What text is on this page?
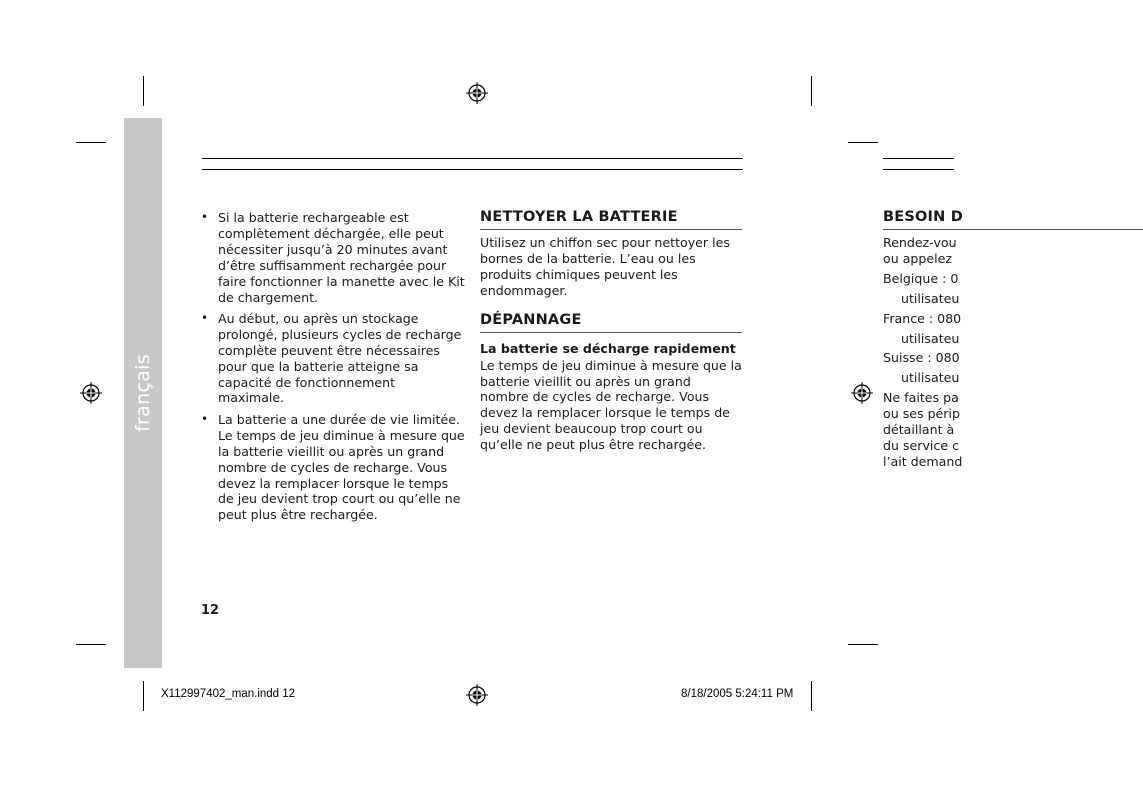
français
• Si la batterie rechargeable est complètement déchargée, elle peut nécessiter jusqu’à 20 minutes avant d’être suffisamment rechargée pour faire fonctionner la manette avec le Kit de chargement.
• Au début, ou après un stockage prolongé, plusieurs cycles de recharge complète peuvent être nécessaires pour que la batterie atteigne sa capacité de fonctionnement maximale.
• La batterie a une durée de vie limitée. Le temps de jeu diminue à mesure que la batterie vieillit ou après un grand nombre de cycles de recharge. Vous devez la remplacer lorsque le temps de jeu devient trop court ou qu’elle ne peut plus être rechargée.
NETTOYER LA BATTERIE

Utilisez un chiffon sec pour nettoyer les bornes de la batterie. L’eau ou les produits chimiques peuvent les endommager.

DÉPANNAGE
La batterie se décharge rapidement

Le temps de jeu diminue à mesure que la batterie vieillit ou après un grand nombre de cycles de recharge. Vous devez la remplacer lorsque le temps de jeu devient beaucoup trop court ou qu’elle ne peut plus être rechargée.

BESOIN D
Rendez-vou
ou appelez
Belgique : 0
utilisateu
France : 080
utilisateu
Suisse : 080
utilisateu
Ne faites pa
ou ses périp
détaillant à
du service c
l’ait demand
12
X112997402_man.indd 12	8/18/2005 5:24:11 PM
